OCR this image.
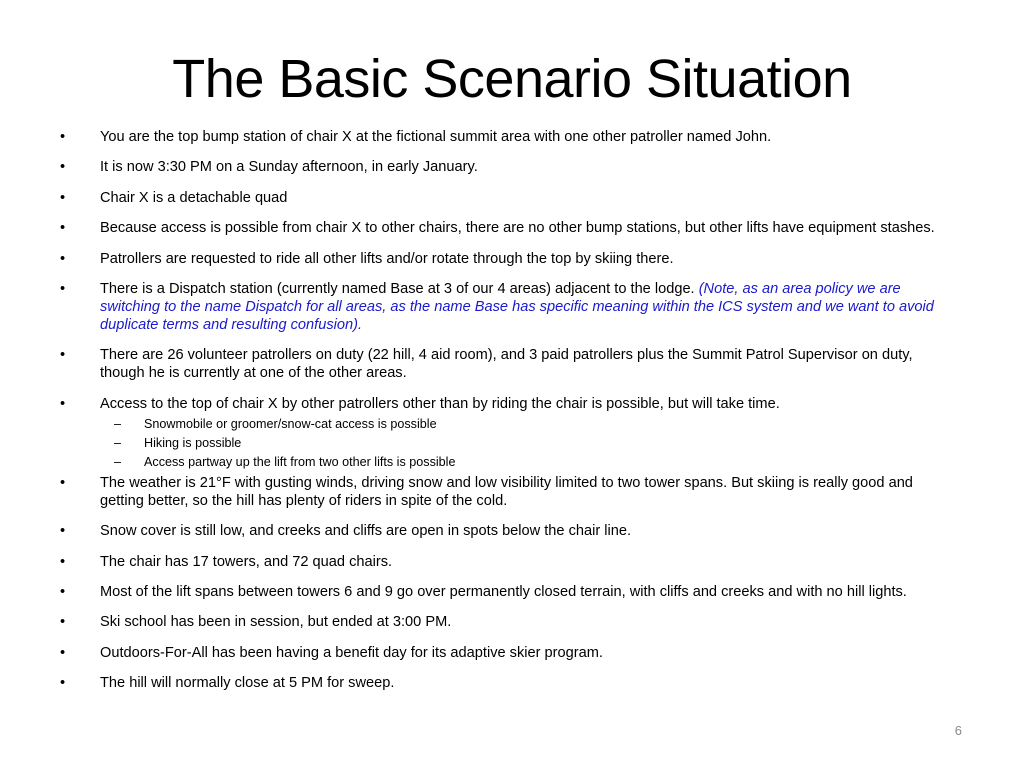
The Basic Scenario Situation
• You are the top bump station of chair X at the fictional summit area with one other patroller named John.
• It is now 3:30 PM on a Sunday afternoon, in early January.
• Chair X is a detachable quad
• Because access is possible from chair X to other chairs, there are no other bump stations, but other lifts have equipment stashes.
• Patrollers are requested to ride all other lifts and/or rotate through the top by skiing there.
• There is a Dispatch station (currently named Base at 3 of our 4 areas) adjacent to the lodge. (Note, as an area policy we are switching to the name Dispatch for all areas, as the name Base has specific meaning within the ICS system and we want to avoid duplicate terms and resulting confusion).
• There are 26 volunteer patrollers on duty (22 hill, 4 aid room), and 3 paid patrollers plus the Summit Patrol Supervisor on duty, though he is currently at one of the other areas.
• Access to the top of chair X by other patrollers other than by riding the chair is possible, but will take time.
– Snowmobile or groomer/snow-cat access is possible
– Hiking is possible
– Access partway up the lift from two other lifts is possible
• The weather is 21°F with gusting winds, driving snow and low visibility limited to two tower spans. But skiing is really good and getting better, so the hill has plenty of riders in spite of the cold.
• Snow cover is still low, and creeks and cliffs are open in spots below the chair line.
• The chair has 17 towers, and 72 quad chairs.
• Most of the lift spans between towers 6 and 9 go over permanently closed terrain, with cliffs and creeks and with no hill lights.
• Ski school has been in session, but ended at 3:00 PM.
• Outdoors-For-All has been having a benefit day for its adaptive skier program.
• The hill will normally close at 5 PM for sweep.
6
